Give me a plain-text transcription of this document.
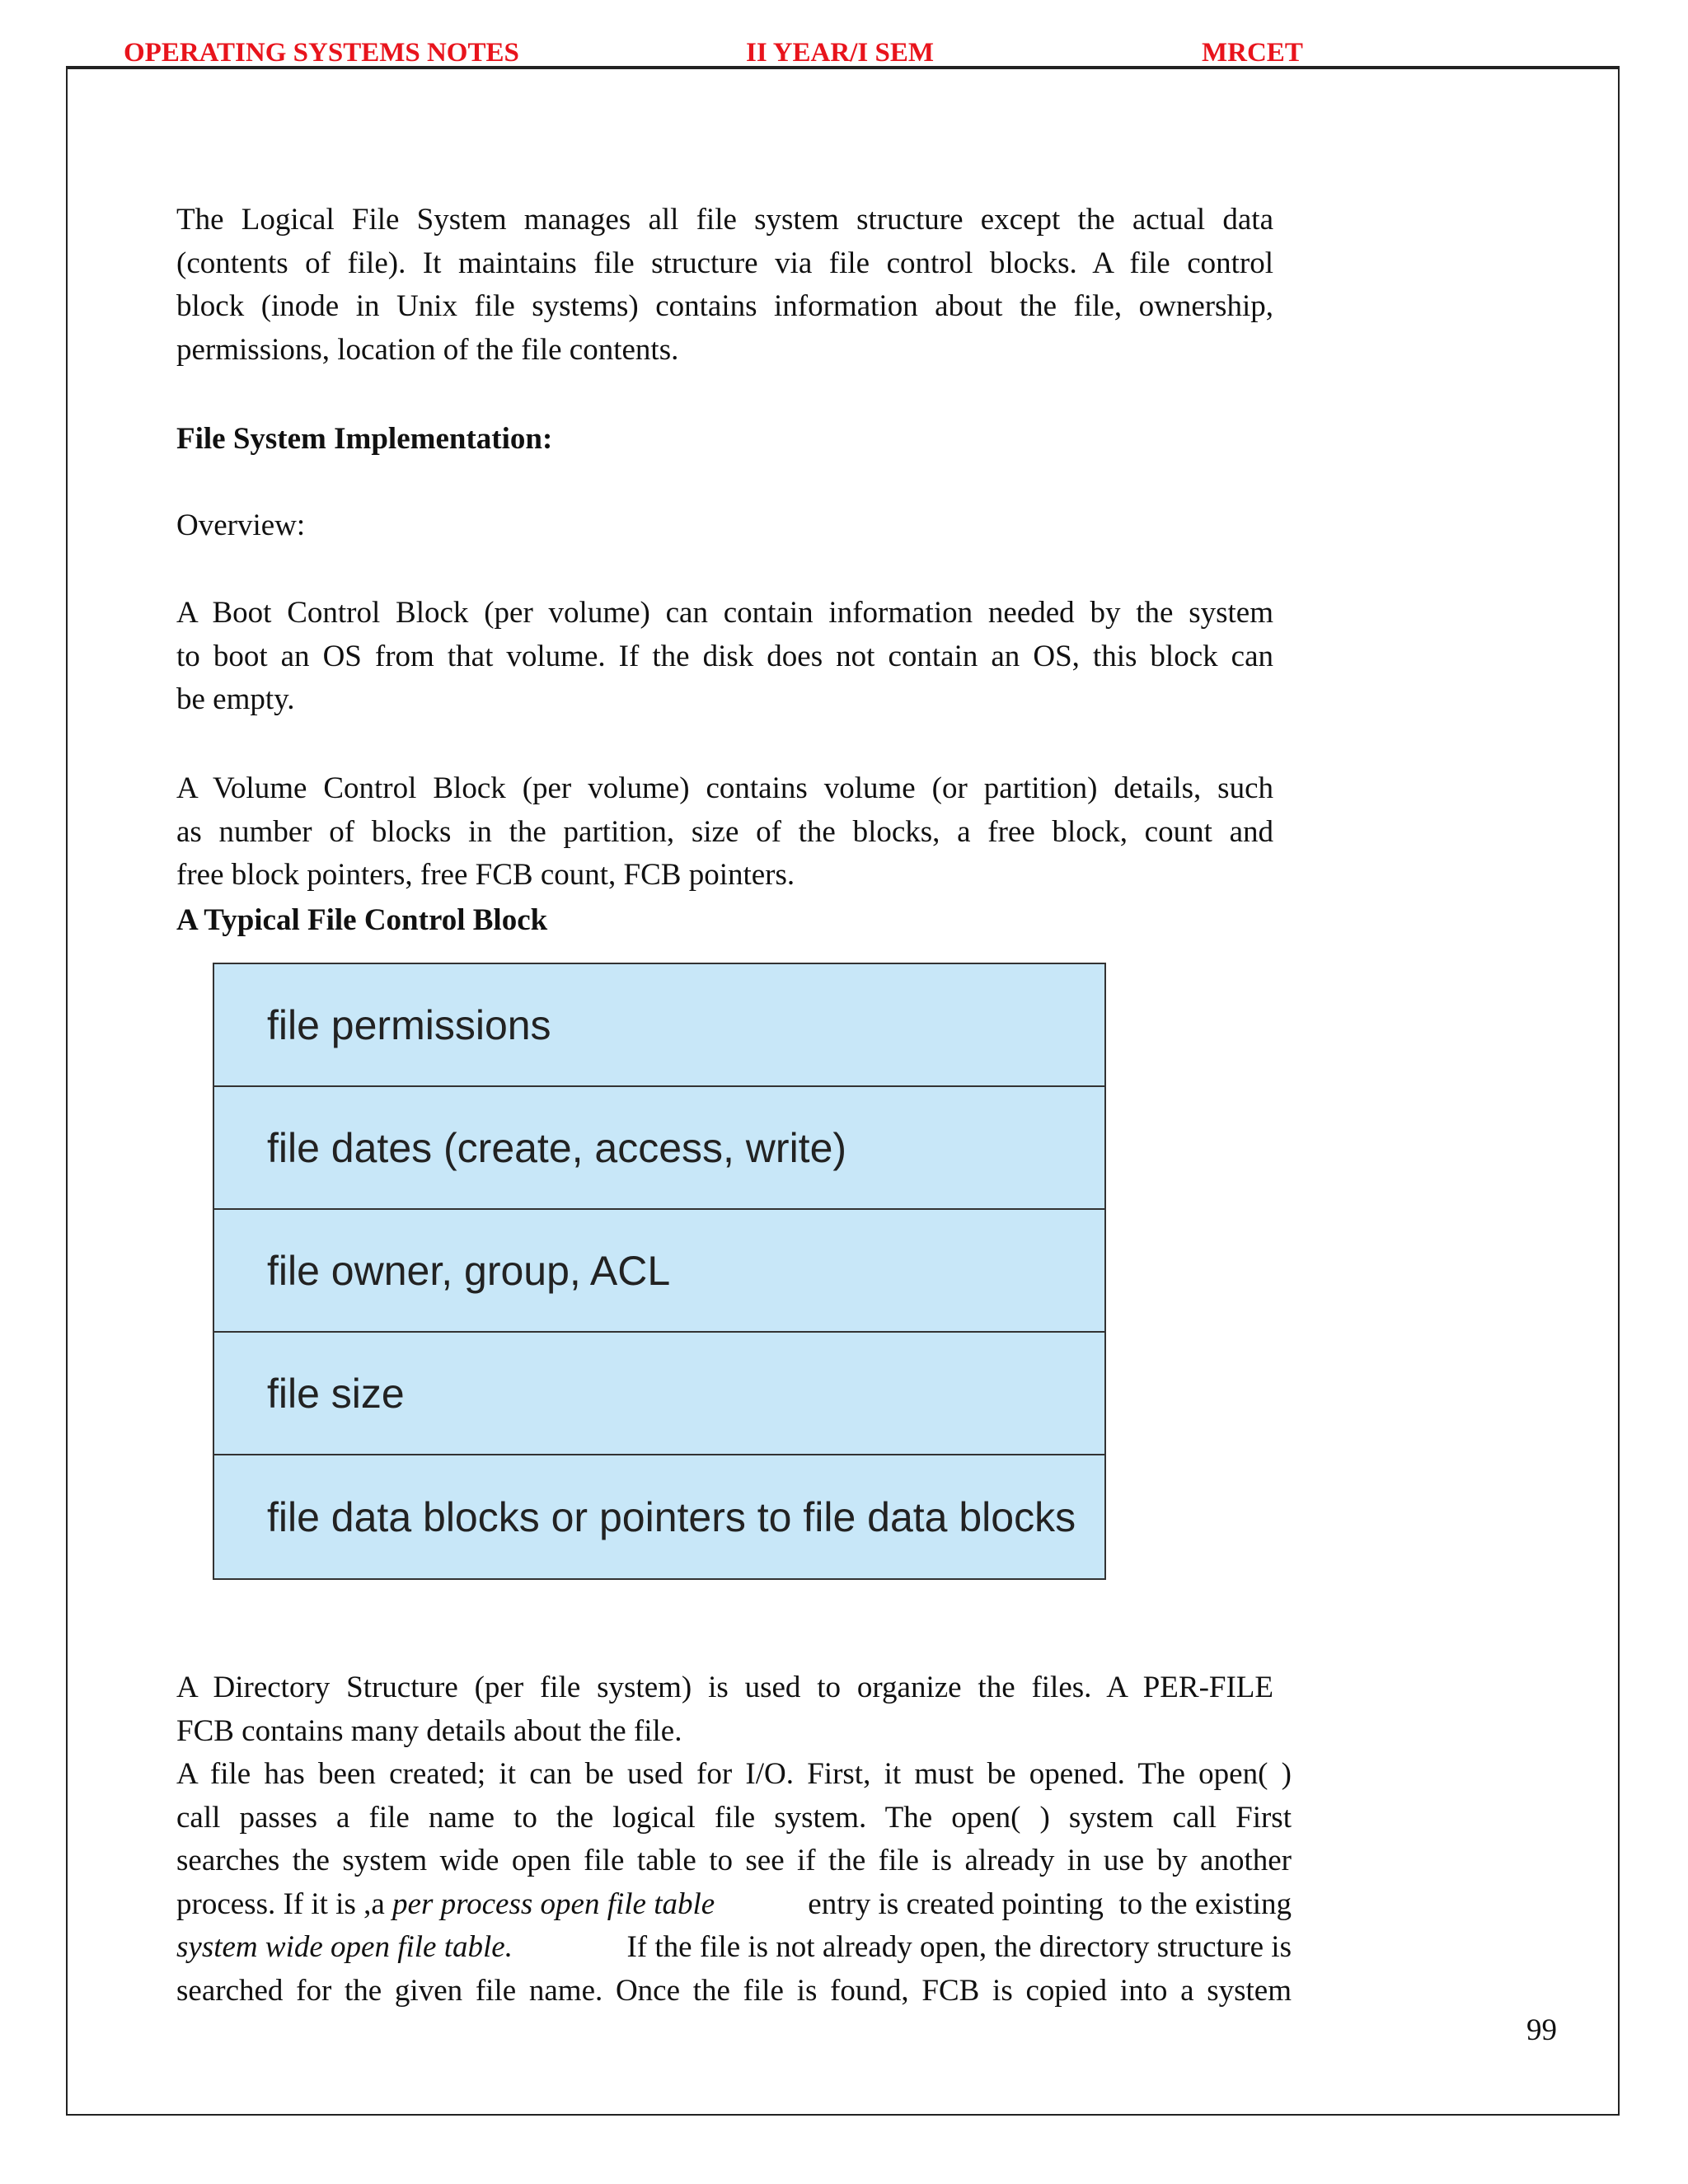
OPERATING SYSTEMS NOTES	II YEAR/I SEM	MRCET
The Logical File System manages all file system structure except the actual data
(contents of file). It maintains file structure via file control blocks. A file control
block (inode in Unix file systems) contains information about the file, ownership,
permissions, location of the file contents.
File System Implementation:
Overview:
A Boot Control Block (per volume) can contain information needed by the system
to boot an OS from that volume. If the disk does not contain an OS, this block can
be empty.
A Volume Control Block (per volume) contains volume (or partition) details, such
as number of blocks in the partition, size of the blocks, a free block, count and
free block pointers, free FCB count, FCB pointers.
A Typical File Control Block
file permissions
file dates (create, access, write)
file owner, group, ACL
file size
file data blocks or pointers to file data blocks
A Directory Structure (per file system) is used to organize the files. A PER-FILE
FCB contains many details about the file.
A file has been created; it can be used for I/O. First, it must be opened. The open( )
call passes a file name to the logical file system. The open( ) system call First
searches the system wide open file table to see if the file is already in use by another
process. If it is ,a per process open file table	entry is created pointing  to the existing
system wide open file table.	If the file is not already open, the directory structure is
searched for the given file name. Once the file is found, FCB is copied into a system
99
